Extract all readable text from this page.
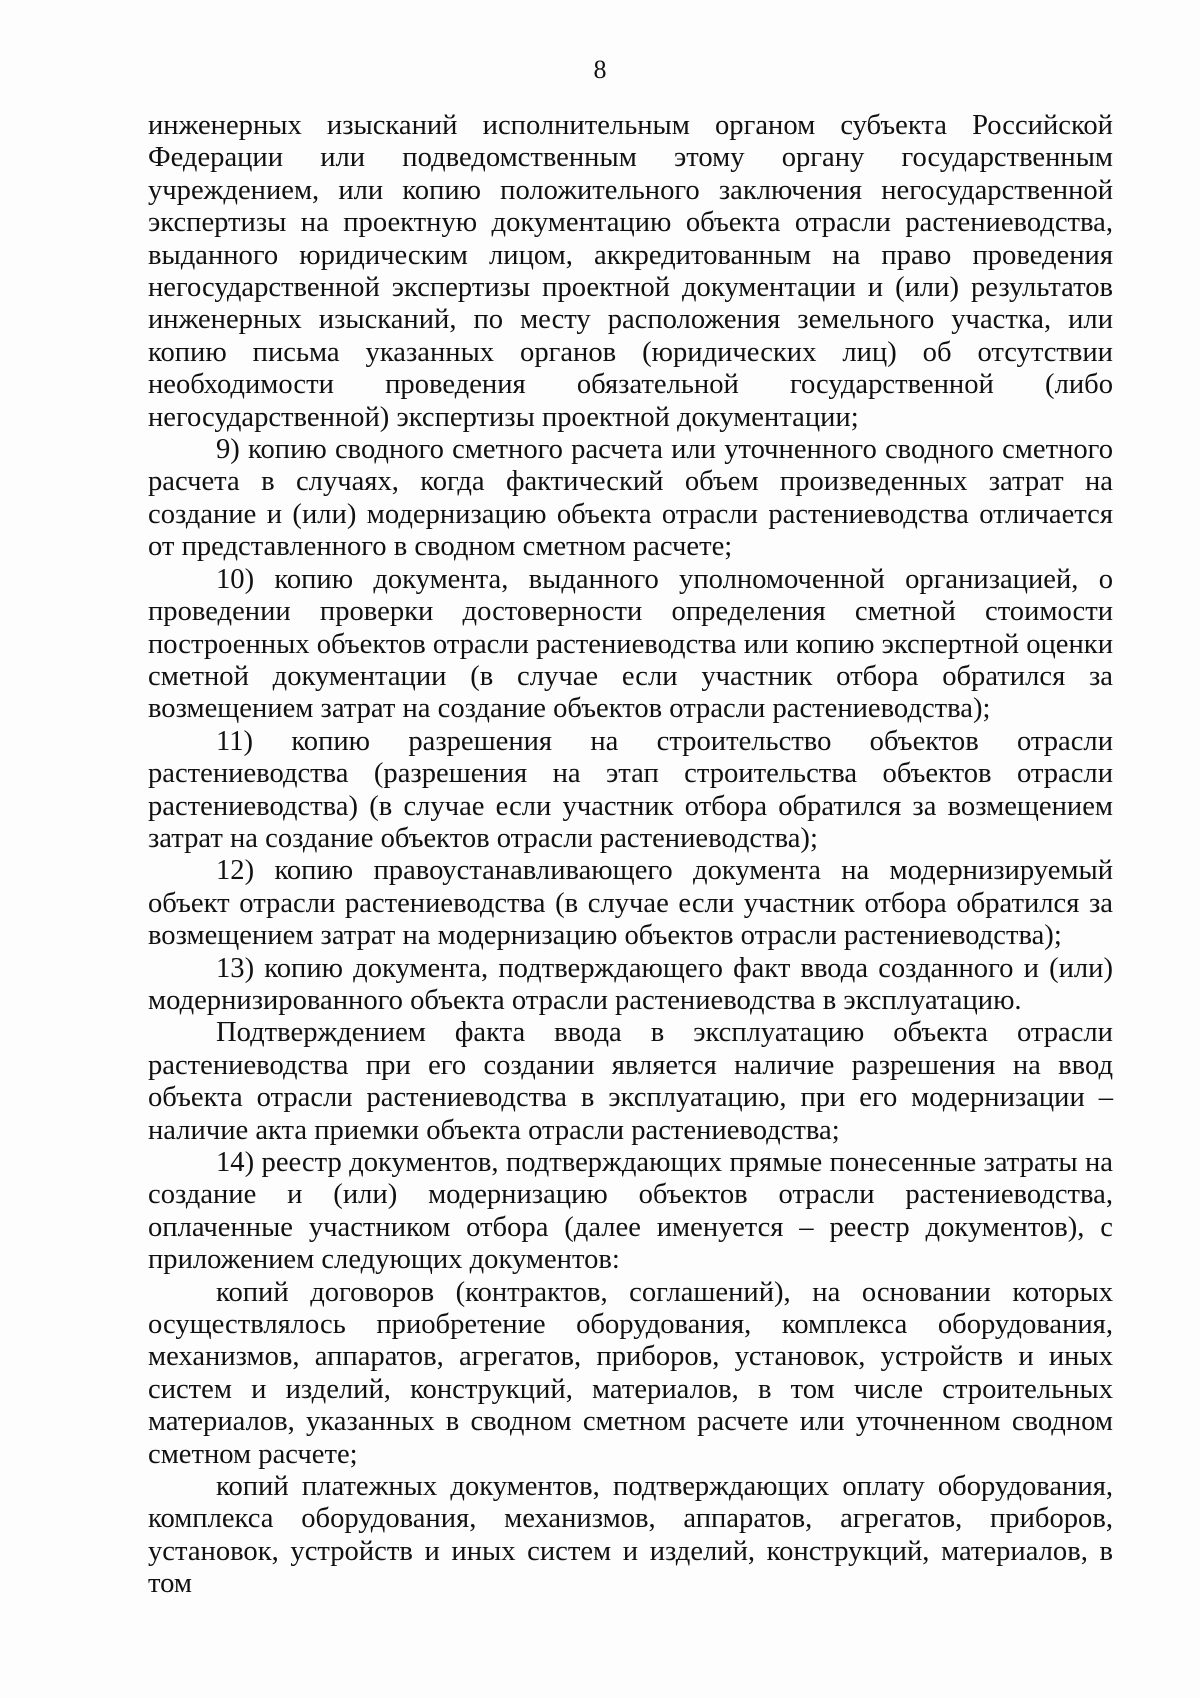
8

инженерных изысканий исполнительным органом субъекта Российской Федерации или подведомственным этому органу государственным учреждением, или копию положительного заключения негосударственной экспертизы на проектную документацию объекта отрасли растениеводства, выданного юридическим лицом, аккредитованным на право проведения негосударственной экспертизы проектной документации и (или) результатов инженерных изысканий, по месту расположения земельного участка, или копию письма указанных органов (юридических лиц) об отсутствии необходимости проведения обязательной государственной (либо негосударственной) экспертизы проектной документации;

9) копию сводного сметного расчета или уточненного сводного сметного расчета в случаях, когда фактический объем произведенных затрат на создание и (или) модернизацию объекта отрасли растениеводства отличается от представленного в сводном сметном расчете;

10) копию документа, выданного уполномоченной организацией, о проведении проверки достоверности определения сметной стоимости построенных объектов отрасли растениеводства или копию экспертной оценки сметной документации (в случае если участник отбора обратился за возмещением затрат на создание объектов отрасли растениеводства);

11) копию разрешения на строительство объектов отрасли растениеводства (разрешения на этап строительства объектов отрасли растениеводства) (в случае если участник отбора обратился за возмещением затрат на создание объектов отрасли растениеводства);

12) копию правоустанавливающего документа на модернизируемый объект отрасли растениеводства (в случае если участник отбора обратился за возмещением затрат на модернизацию объектов отрасли растениеводства);

13) копию документа, подтверждающего факт ввода созданного и (или) модернизированного объекта отрасли растениеводства в эксплуатацию.

Подтверждением факта ввода в эксплуатацию объекта отрасли растениеводства при его создании является наличие разрешения на ввод объекта отрасли растениеводства в эксплуатацию, при его модернизации – наличие акта приемки объекта отрасли растениеводства;

14) реестр документов, подтверждающих прямые понесенные затраты на создание и (или) модернизацию объектов отрасли растениеводства, оплаченные участником отбора (далее именуется – реестр документов), с приложением следующих документов:

копий договоров (контрактов, соглашений), на основании которых осуществлялось приобретение оборудования, комплекса оборудования, механизмов, аппаратов, агрегатов, приборов, установок, устройств и иных систем и изделий, конструкций, материалов, в том числе строительных материалов, указанных в сводном сметном расчете или уточненном сводном сметном расчете;

копий платежных документов, подтверждающих оплату оборудования, комплекса оборудования, механизмов, аппаратов, агрегатов, приборов, установок, устройств и иных систем и изделий, конструкций, материалов, в том
